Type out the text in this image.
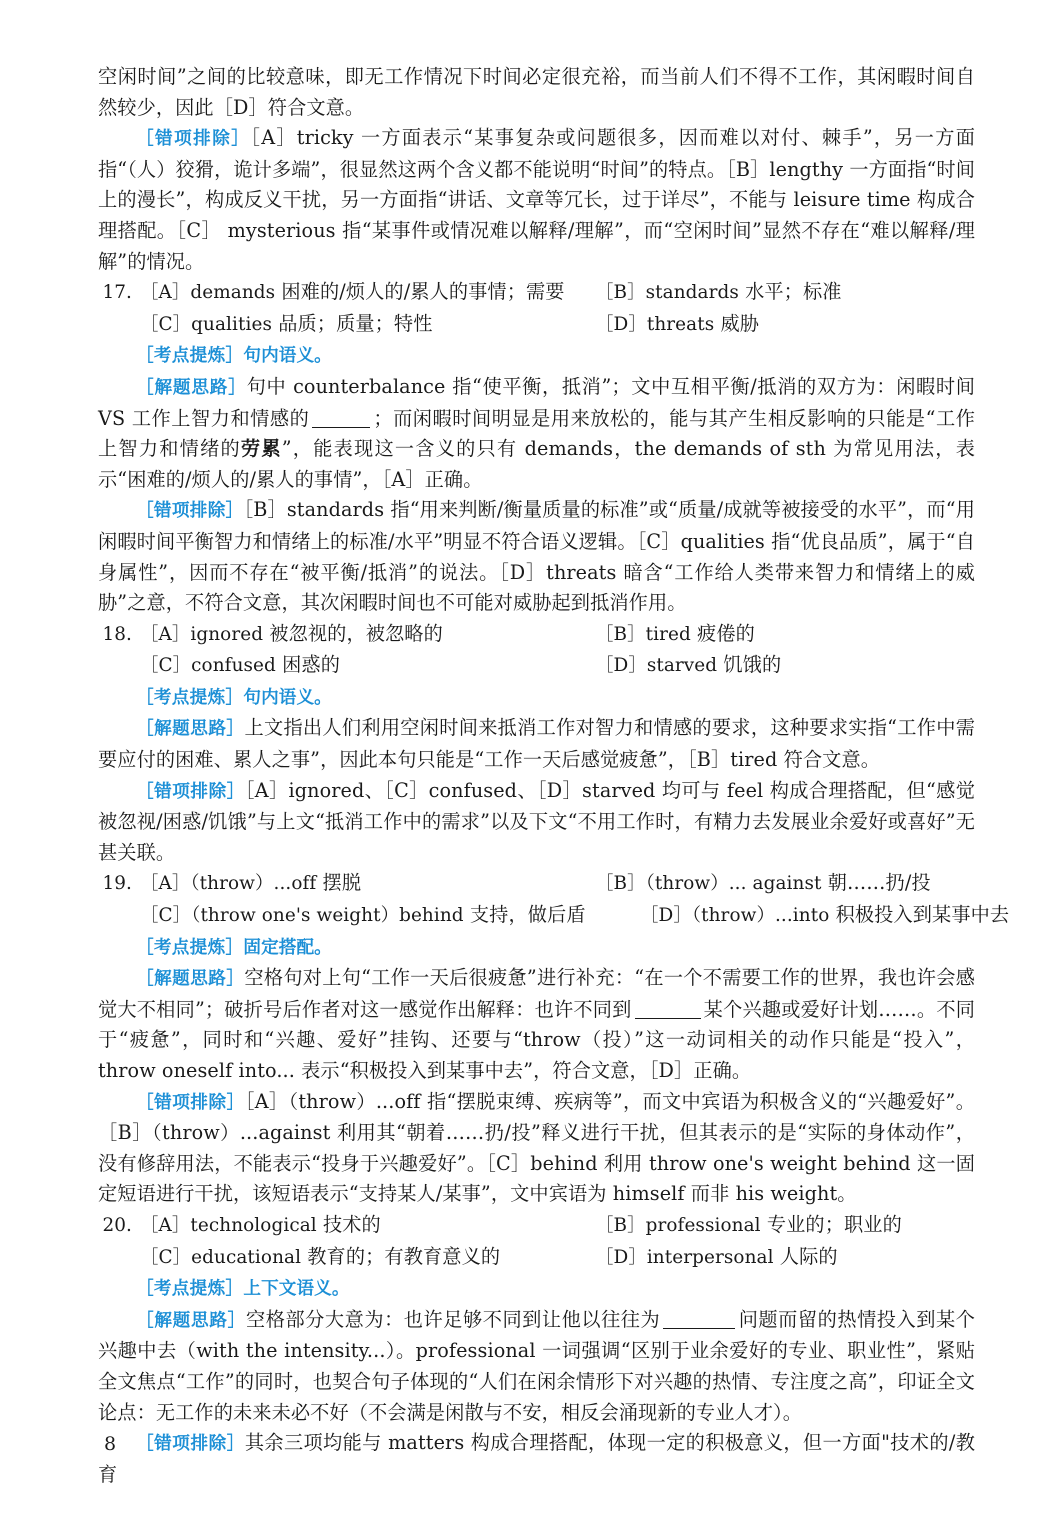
空闲时间”之间的比较意味，即无工作情况下时间必定很充裕，而当前人们不得不工作，其闲暇时间自然较少，因此［D］符合文意。

［错项排除］［A］tricky 一方面表示“某事复杂或问题很多，因而难以对付、棘手”，另一方面指“（人）狡猾，诡计多端”，很显然这两个含义都不能说明“时间”的特点。［B］lengthy 一方面指“时间上的漫长”，构成反义干扰，另一方面指“讲话、文章等冗长，过于详尽”，不能与 leisure time 构成合理搭配。［C］ mysterious 指“某事件或情况难以解释/理解”，而“空闲时间”显然不存在“难以解释/理解”的情况。

17. ［A］demands 困难的/烦人的/累人的事情；需要	［B］standards 水平；标准
［C］qualities 品质；质量；特性	［D］threats 威胁

［考点提炼］句内语义。

［解题思路］句中 counterbalance 指“使平衡，抵消”；文中互相平衡/抵消的双方为：闲暇时间 VS 工作上智力和情感的	；而闲暇时间明显是用来放松的，能与其产生相反影响的只能是“工作上智力和情绪的劳累”，能表现这一含义的只有 demands，the demands of sth 为常见用法，表示“困难的/烦人的/累人的事情”，［A］正确。

［错项排除］［B］standards 指“用来判断/衡量质量的标准”或“质量/成就等被接受的水平”，而“用闲暇时间平衡智力和情绪上的标准/水平”明显不符合语义逻辑。［C］qualities 指“优良品质”，属于“自身属性”，因而不存在“被平衡/抵消”的说法。［D］threats 暗含“工作给人类带来智力和情绪上的威胁”之意，不符合文意，其次闲暇时间也不可能对威胁起到抵消作用。

18. ［A］ignored 被忽视的，被忽略的	［B］tired 疲倦的
［C］confused 困惑的	［D］starved 饥饿的

［考点提炼］句内语义。

［解题思路］上文指出人们利用空闲时间来抵消工作对智力和情感的要求，这种要求实指“工作中需要应付的困难、累人之事”，因此本句只能是“工作一天后感觉疲惫”，［B］tired 符合文意。

［错项排除］［A］ignored、［C］confused、［D］starved 均可与 feel 构成合理搭配，但“感觉被忽视/困惑/饥饿”与上文“抵消工作中的需求”以及下文“不用工作时，有精力去发展业余爱好或喜好”无甚关联。

19. ［A］（throw）...off 摆脱	［B］（throw）... against 朝……扔/投
［C］（throw one's weight）behind 支持，做后盾	［D］（throw）...into 积极投入到某事中去

［考点提炼］固定搭配。

［解题思路］空格句对上句“工作一天后很疲惫”进行补充：“在一个不需要工作的世界，我也许会感觉大不相同”；破折号后作者对这一感觉作出解释：也许不同到	某个兴趣或爱好计划……。不同于“疲惫”，同时和“兴趣、爱好”挂钩、还要与“throw（投）”这一动词相关的动作只能是“投入”，throw oneself into... 表示“积极投入到某事中去”，符合文意，［D］正确。

［错项排除］［A］（throw）...off 指“摆脱束缚、疾病等”，而文中宾语为积极含义的“兴趣爱好”。［B］（throw）...against 利用其“朝着……扔/投”释义进行干扰，但其表示的是“实际的身体动作”，没有修辞用法，不能表示“投身于兴趣爱好”。［C］behind 利用 throw one's weight behind 这一固定短语进行干扰，该短语表示“支持某人/某事”，文中宾语为 himself 而非 his weight。

20. ［A］technological 技术的	［B］professional 专业的；职业的
［C］educational 教育的；有教育意义的	［D］interpersonal 人际的

［考点提炼］上下文语义。

［解题思路］空格部分大意为：也许足够不同到让他以往往为	问题而留的热情投入到某个兴趣中去（with the intensity...）。professional 一词强调“区别于业余爱好的专业、职业性”，紧贴全文焦点“工作”的同时，也契合句子体现的“人们在闲余情形下对兴趣的热情、专注度之高”，印证全文论点：无工作的未来未必不好（不会满是闲散与不安，相反会涌现新的专业人才）。

［错项排除］其余三项均能与 matters 构成合理搭配，体现一定的积极意义，但一方面"技术的/教育

8
